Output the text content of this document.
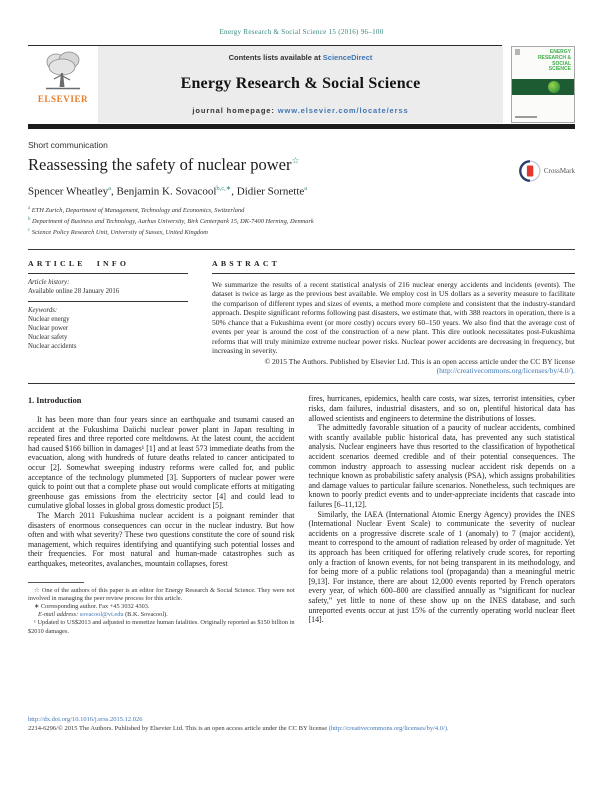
Energy Research & Social Science 15 (2016) 96–100
ELSEVIER
Contents lists available at ScienceDirect
Energy Research & Social Science
journal homepage: www.elsevier.com/locate/erss
ENERGY RESEARCH & SOCIAL SCIENCE
Short communication
Reassessing the safety of nuclear power☆
CrossMark
Spencer Wheatley$^a$, Benjamin K. Sovacool$^{b,c,∗}$, Didier Sornette$^a$
$^a$ ETH Zurich, Department of Management, Technology and Economics, Switzerland
$^b$ Department of Business and Technology, Aarhus University, Birk Centerpark 15, DK-7400 Herning, Denmark
$^c$ Science Policy Research Unit, University of Sussex, United Kingdom
ARTICLE INFO
Article history:
Available online 28 January 2016
Keywords:
Nuclear energy
Nuclear power
Nuclear safety
Nuclear accidents
ABSTRACT
We summarize the results of a recent statistical analysis of 216 nuclear energy accidents and incidents (events). The dataset is twice as large as the previous best available. We employ cost in US dollars as a severity measure to facilitate the comparison of different types and sizes of events, a method more complete and consistent that the industry-standard approach. Despite significant reforms following past disasters, we estimate that, with 388 reactors in operation, there is a 50% chance that a Fukushima event (or more costly) occurs every 60–150 years. We also find that the average cost of events per year is around the cost of the construction of a new plant. This dire outlook necessitates post-Fukushima reforms that will truly minimize extreme nuclear power risks. Nuclear power accidents are decreasing in frequency, but increasing in severity.
© 2015 The Authors. Published by Elsevier Ltd. This is an open access article under the CC BY license
(http://creativecommons.org/licenses/by/4.0/).
1. Introduction

It has been more than four years since an earthquake and tsunami caused an accident at the Fukushima Daiichi nuclear power plant in Japan resulting in repeated fires and three reported core meltdowns. At the latest count, the accident had caused $166 billion in damages¹ [1] and at least 573 immediate deaths from the evacuation, along with hundreds of future deaths related to cancer anticipated to occur [2]. Somewhat sweeping industry reforms were called for, and public acceptance of the technology plummeted [3]. Supporters of nuclear power were quick to point out that a complete phase out would complicate efforts at mitigating greenhouse gas emissions from the electricity sector [4] and could lead to cumulative global losses in global gross domestic product [5].

The March 2011 Fukushima nuclear accident is a poignant reminder that disasters of enormous consequences can occur in the nuclear industry. But how often and with what severity? These two questions constitute the core of sound risk management, which requires identifying and quantifying such potential losses and their frequencies. For most natural and human-made catastrophes such as earthquakes, meteorites, avalanches, mountain collapses, forest

☆ One of the authors of this paper is an editor for Energy Research & Social Science. They were not involved in managing the peer review process for this article.

∗ Corresponding author. Fax +45 3032 4303.

E-mail address: sovacool@vt.edu (B.K. Sovacool).

¹ Updated to US$2013 and adjusted to monetize human fatalities. Originally reported as $150 billion in $2010 damages.

fires, hurricanes, epidemics, health care costs, war sizes, terrorist intensities, cyber risks, dam failures, industrial disasters, and so on, plentiful historical data has allowed scientists and engineers to determine the distributions of losses.

The admittedly favorable situation of a paucity of nuclear accidents, combined with scantly available public historical data, has prevented any such statistical analysis. Nuclear engineers have thus resorted to the classification of hypothetical accident scenarios deemed credible and of their potential consequences. The common industry approach to assessing nuclear accident risk depends on a technique known as probabilistic safety analysis (PSA), which assigns probabilities and damage values to particular failure scenarios. Nonetheless, such techniques are known to poorly predict events and to under-appreciate incidents that cascade into failures [6–11,12].

Similarly, the IAEA (International Atomic Energy Agency) provides the INES (International Nuclear Event Scale) to communicate the severity of nuclear accidents on a progressive discrete scale of 1 (anomaly) to 7 (major accident), meant to correspond to the amount of radiation released by order of magnitude. Yet its approach has been critiqued for offering relatively crude scores, for reporting only a fraction of known events, for not being transparent in its methodology, and for being more of a public relations tool (propaganda) than a meaningful metric [9,13]. For instance, there are about 12,000 events reported by French operators every year, of which 600–800 are classified annually as “significant for nuclear safety,” yet little to none of these show up on the INES database, and such unreported events occur at just 15% of the currently operating world nuclear fleet [14].

http://dx.doi.org/10.1016/j.erss.2015.12.026
2214-6296/© 2015 The Authors. Published by Elsevier Ltd. This is an open access article under the CC BY license (http://creativecommons.org/licenses/by/4.0/).
